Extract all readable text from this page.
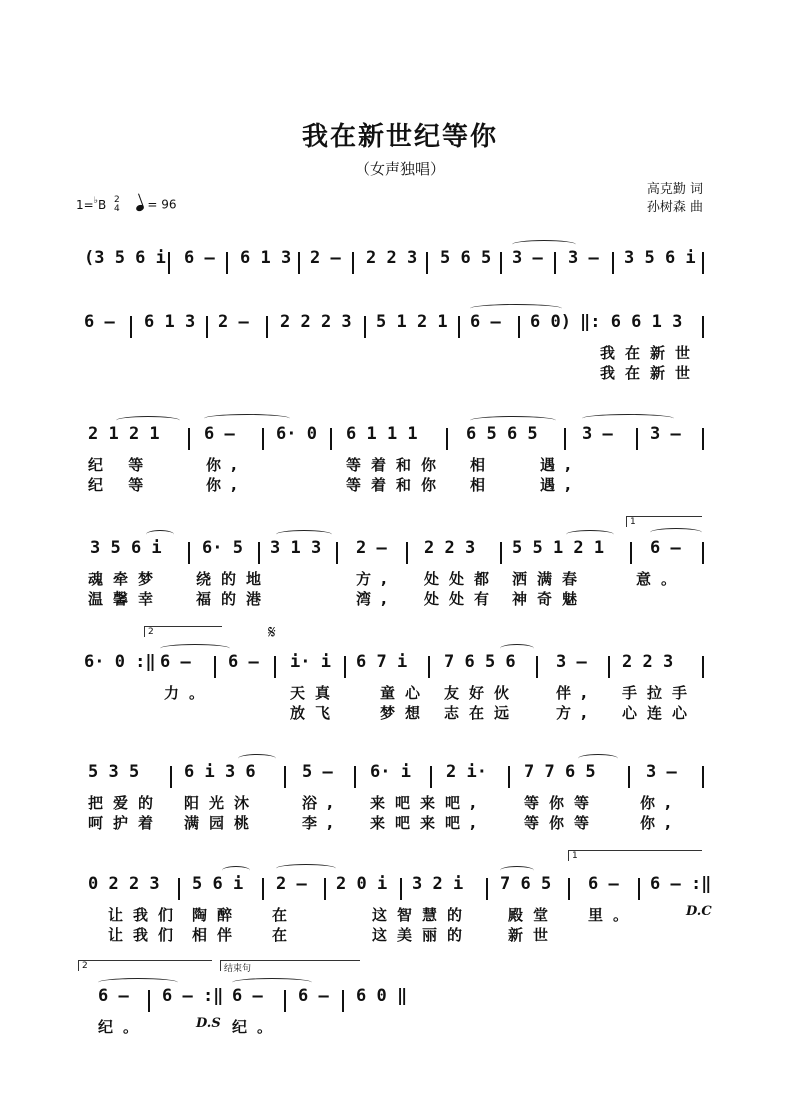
我在新世纪等你
（女声独唱）
高克勤 词
孙树森 曲
1=♭B 2
4 = 96
(3 5 6 i 6 – 6 1 3 2 – 2 2 3 5 6 5 3 – 3 – 3 5 6 i
6 – 6 1 3 2 – 2 2 2 3 5 1 2 1 6 – 6 0) ‖: 6 6 1 3
我在新世
我在新世
2 1 2 1	6 – 6· 0 6 1 1 1	6 5 6 5	3 – 3 –
纪 等	你,	等着和你 相	遇,
纪 等	你,	等着和你 相	遇,
1
3 5 6 i 6· 5 3 1 3 2 – 2 2 3 5 5 1 2 1	6 –
魂牵梦 绕的地	方, 处处都 洒满春	意。
温馨幸 福的港	湾, 处处有 神奇魅
2	𝄋
6· 0 :‖ 6 – 6 – i· i 6 7 i 7 6 5 6 3 – 2 2 3
力。	天真	童心 友好伙 伴, 手拉手
放飞	梦想 志在远 方, 心连心
5 3 5	6 i 3 6	5 – 6· i 2 i· 7 7 6 5	3 –
把爱的 阳光沐	浴, 来吧来吧,	等你等	你,
呵护着 满园桃	李, 来吧来吧,	等你等	你,
1
0 2 2 3 5 6 i 2 – 2 0 i 3 2 i 7 6 5 6 – 6 – :‖
D.C
让我们 陶醉 在	这智慧的 殿堂 里。
让我们 相伴 在	这美丽的 新世
2	结束句
6 – 6 – :‖ 6 – 6 – 6 0 ‖
D.S
纪。	纪。
